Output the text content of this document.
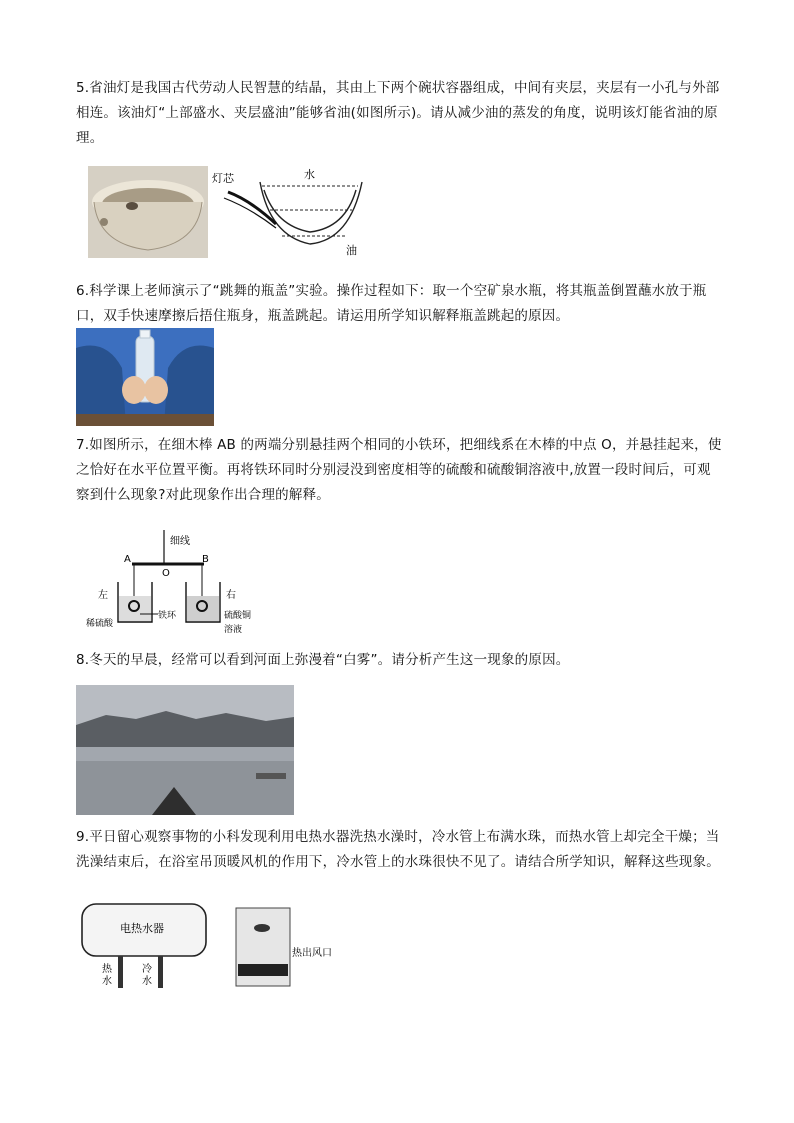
5.省油灯是我国古代劳动人民智慧的结晶，其由上下两个碗状容器组成，中间有夹层，夹层有一小孔与外部相连。该油灯“上部盛水、夹层盛油”能够省油(如图所示)。请从减少油的蒸发的角度，说明该灯能省油的原理。
灯芯	水
油
6.科学课上老师演示了“跳舞的瓶盖”实验。操作过程如下：取一个空矿泉水瓶，将其瓶盖倒置蘸水放于瓶口，双手快速摩擦后捂住瓶身，瓶盖跳起。请运用所学知识解释瓶盖跳起的原因。
7.如图所示，在细木棒 AB 的两端分别悬挂两个相同的小铁环，把细线系在木棒的中点 O，并悬挂起来，使之恰好在水平位置平衡。再将铁环同时分别浸没到密度相等的硫酸和硫酸铜溶液中,放置一段时间后，可观察到什么现象?对此现象作出合理的解释。
细线
A
O
B
左	右
铁环
稀硫酸
硫酸铜
溶液
8.冬天的早晨，经常可以看到河面上弥漫着“白雾”。请分析产生这一现象的原因。
9.平日留心观察事物的小科发现利用电热水器洗热水澡时，冷水管上布满水珠，而热水管上却完全干燥；当洗澡结束后，在浴室吊顶暖风机的作用下，冷水管上的水珠很快不见了。请结合所学知识，解释这些现象。
电热水器
热
水
冷
水
热出风口
